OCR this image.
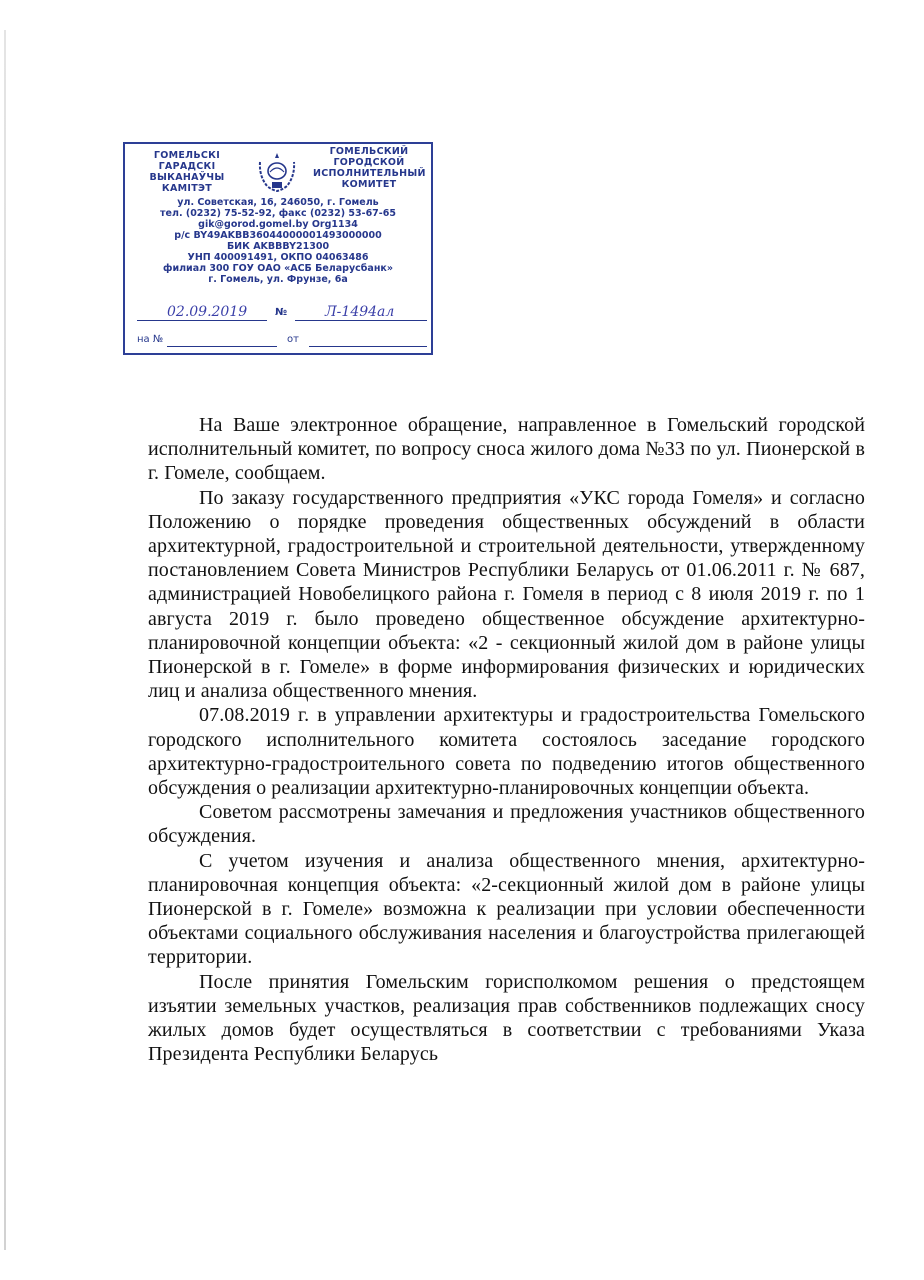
ГОМЕЛЬСКІ
ГАРАДСКІ
ВЫКАНАЎЧЫ
КАМІТЭТ
ГОМЕЛЬСКИЙ
ГОРОДСКОЙ
ИСПОЛНИТЕЛЬНЫЙ
КОМИТЕТ
ул. Советская, 16, 246050, г. Гомель
тел. (0232) 75-52-92, факс (0232) 53-67-65
gik@gorod.gomel.by Org1134
р/с BY49AKBB36044000001493000000
БИК AKBBBY21300
УНП 400091491, ОКПО 04063486
филиал 300 ГОУ ОАО «АСБ Беларусбанк»
г. Гомель, ул. Фрунзе, 6а
02.09.2019	№	Л-1494ал
на №	от

На Ваше электронное обращение, направленное в Гомельский городской исполнительный комитет, по вопросу сноса жилого дома №33 по ул. Пионерской в г. Гомеле, сообщаем.

По заказу государственного предприятия «УКС города Гомеля» и согласно Положению о порядке проведения общественных обсуждений в области архитектурной, градостроительной и строительной деятельности, утвержденному постановлением Совета Министров Республики Беларусь от 01.06.2011 г. № 687, администрацией Новобелицкого района г. Гомеля в период с 8 июля 2019 г. по 1 августа 2019 г. было проведено общественное обсуждение архитектурно-планировочной концепции объекта: «2 - секционный жилой дом в районе улицы Пионерской в г. Гомеле» в форме информирования физических и юридических лиц и анализа общественного мнения.

07.08.2019 г. в управлении архитектуры и градостроительства Гомельского городского исполнительного комитета состоялось заседание городского архитектурно-градостроительного совета по подведению итогов общественного обсуждения о реализации архитектурно-планировочных концепции объекта.

Советом рассмотрены замечания и предложения участников общественного обсуждения.

С учетом изучения и анализа общественного мнения, архитектурно-планировочная концепция объекта: «2-секционный жилой дом в районе улицы Пионерской в г. Гомеле» возможна к реализации при условии обеспеченности объектами социального обслуживания населения и благоустройства прилегающей территории.

После принятия Гомельским горисполкомом решения о предстоящем изъятии земельных участков, реализация прав собственников подлежащих сносу жилых домов будет осуществляться в соответствии с требованиями Указа Президента Республики Беларусь
